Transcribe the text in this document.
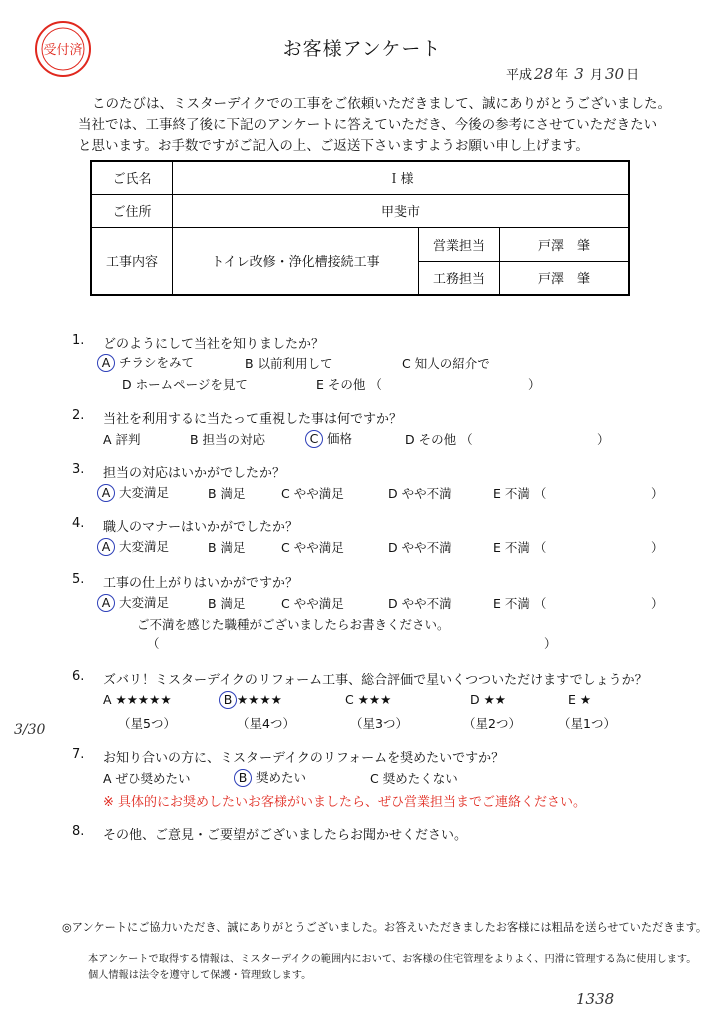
受付済	お客様アンケート
平成 28 年 3 月 30 日
このたびは、ミスターデイクでの工事をご依頼いただきまして、誠にありがとうございました。
当社では、工事終了後に下記のアンケートに答えていただき、今後の参考にさせていただきたい
と思います。お手数ですがご記入の上、ご返送下さいますようお願い申し上げます。
ご氏名	Ｉ様		
ご住所	甲斐市		
工事内容	トイレ改修・浄化槽接続工事	営業担当	戸澤　肇
		工務担当	戸澤　肇
1. どのようにして当社を知りましたか？
A チラシをみて	B 以前利用して	C 知人の紹介で
D ホームページを見て	E その他 （	）
2. 当社を利用するに当たって重視した事は何ですか？
A 評判	B 担当の対応	C 価格	D その他 （	）
3. 担当の対応はいかがでしたか？
A 大変満足	B 満足	C やや満足	D やや不満	E 不満 （	）
4. 職人のマナーはいかがでしたか？
A 大変満足	B 満足	C やや満足	D やや不満	E 不満 （	）
5. 工事の仕上がりはいかがですか？
A 大変満足	B 満足	C やや満足	D やや不満	E 不満 （	）
ご不満を感じた職種がございましたらお書きください。
（	）
6. ズバリ！ミスターデイクのリフォーム工事、総合評価で星いくつついただけますでしょうか？
A ★★★★★	B ★★★★	C ★★★	D ★★	E ★
（星5つ）	（星4つ）	（星3つ）	（星2つ）	（星1つ）
3/30
7. お知り合いの方に、ミスターデイクのリフォームを奨めたいですか？
A ぜひ奨めたい	B 奨めたい	C 奨めたくない
※ 具体的にお奨めしたいお客様がいましたら、ぜひ営業担当までご連絡ください。
8. その他、ご意見・ご要望がございましたらお聞かせください。
◎アンケートにご協力いただき、誠にありがとうございました。お答えいただきましたお客様には粗品を送らせていただきます。
本アンケートで取得する情報は、ミスターデイクの範囲内において、お客様の住宅管理をよりよく、円滑に管理する為に使用します。
個人情報は法令を遵守して保護・管理致します。
1338
